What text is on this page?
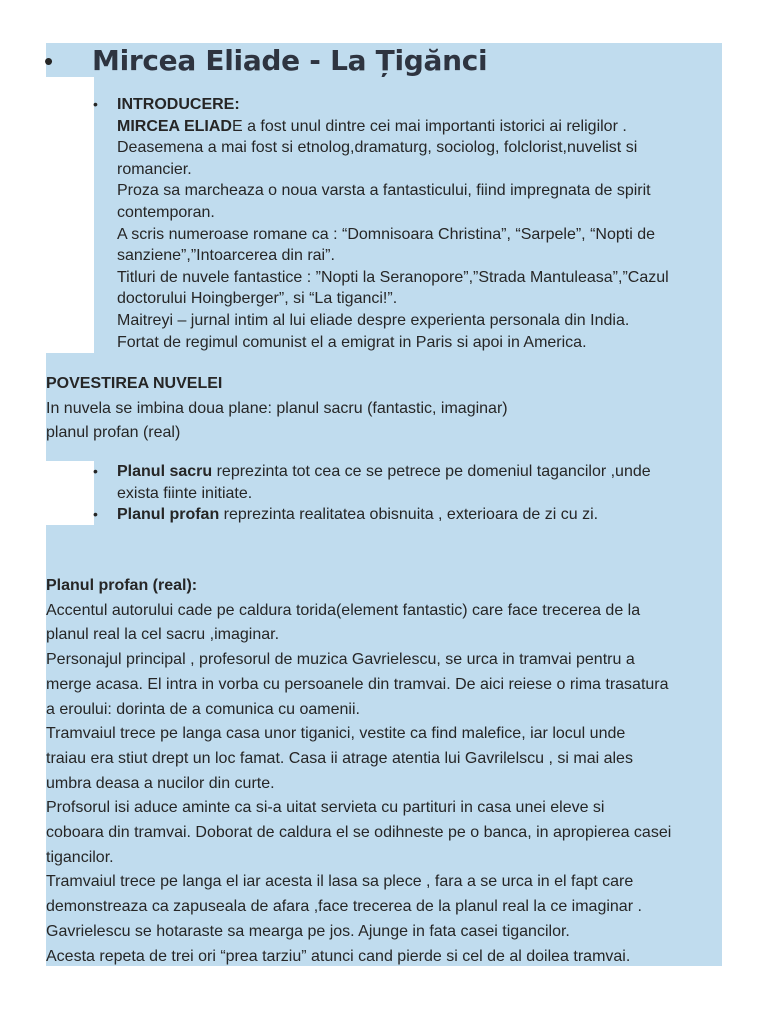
•	Mircea Eliade - La Țigănci
• INTRODUCERE:
MIRCEA ELIADE a fost unul dintre cei mai importanti istorici ai religilor .
Deasemena a mai fost si etnolog,dramaturg, sociolog, folclorist,nuvelist si
romancier.
Proza sa marcheaza o noua varsta a fantasticului, fiind impregnata de spirit
contemporan.
A scris numeroase romane ca : “Domnisoara Christina”, “Sarpele”, “Nopti de
sanziene”,”Intoarcerea din rai”.
Titluri de nuvele fantastice : ”Nopti la Seranopore”,”Strada Mantuleasa”,”Cazul
doctorului Hoingberger”, si “La tiganci!”.
Maitreyi – jurnal intim al lui eliade despre experienta personala din India.
Fortat de regimul comunist el a emigrat in Paris si apoi in America.
POVESTIREA NUVELEI
In nuvela se imbina doua plane: planul sacru (fantastic, imaginar)
planul profan (real)
• Planul sacru reprezinta tot cea ce se petrece pe domeniul tagancilor ,unde
exista fiinte initiate.
• Planul profan reprezinta realitatea obisnuita , exterioara de zi cu zi.
Planul profan (real):
Accentul autorului cade pe caldura torida(element fantastic) care face trecerea de la
planul real la cel sacru ,imaginar.
Personajul principal , profesorul de muzica Gavrielescu, se urca in tramvai pentru a
merge acasa. El intra in vorba cu persoanele din tramvai. De aici reiese o rima trasatura
a eroului: dorinta de a comunica cu oamenii.
Tramvaiul trece pe langa casa unor tiganici, vestite ca find malefice, iar locul unde
traiau era stiut drept un loc famat. Casa ii atrage atentia lui Gavrilelscu , si mai ales
umbra deasa a nucilor din curte.
Profsorul isi aduce aminte ca si-a uitat servieta cu partituri in casa unei eleve si
coboara din tramvai. Doborat de caldura el se odihneste pe o banca, in apropierea casei
tigancilor.
Tramvaiul trece pe langa el iar acesta il lasa sa plece , fara a se urca in el fapt care
demonstreaza ca zapuseala de afara ,face trecerea de la planul real la ce imaginar .
Gavrielescu se hotaraste sa mearga pe jos. Ajunge in fata casei tigancilor.
Acesta repeta de trei ori “prea tarziu” atunci cand pierde si cel de al doilea tramvai.
